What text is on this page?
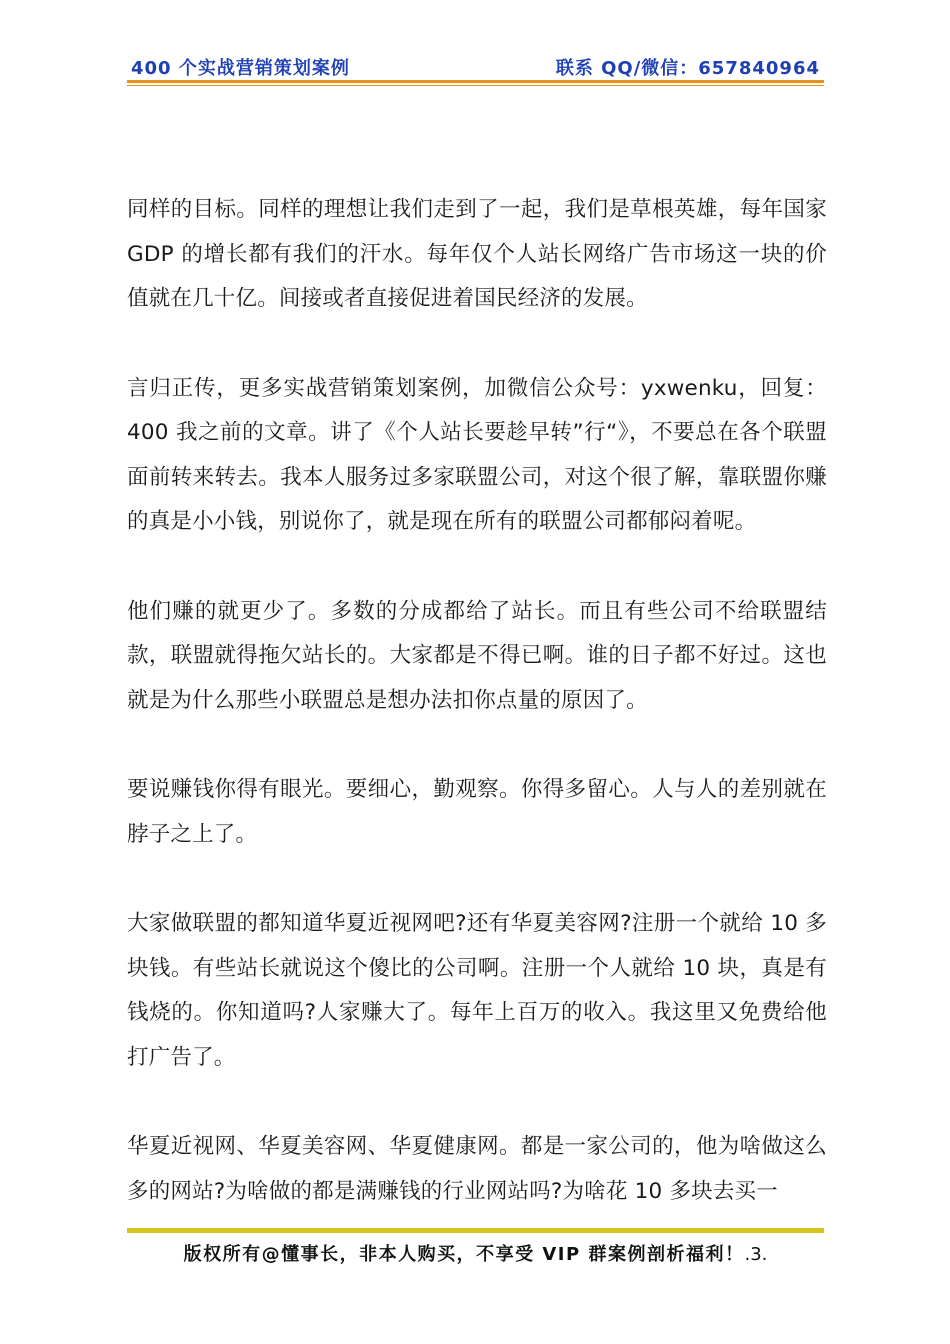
400 个实战营销策划案例	联系 QQ/微信：657840964

同样的目标。同样的理想让我们走到了一起，我们是草根英雄，每年国家 GDP 的增长都有我们的汗水。每年仅个人站长网络广告市场这一块的价值就在几十亿。间接或者直接促进着国民经济的发展。

言归正传，更多实战营销策划案例，加微信公众号：yxwenku，回复：400 我之前的文章。讲了《个人站长要趁早转”行“》，不要总在各个联盟面前转来转去。我本人服务过多家联盟公司，对这个很了解，靠联盟你赚的真是小小钱，别说你了，就是现在所有的联盟公司都郁闷着呢。

他们赚的就更少了。多数的分成都给了站长。而且有些公司不给联盟结款，联盟就得拖欠站长的。大家都是不得已啊。谁的日子都不好过。这也就是为什么那些小联盟总是想办法扣你点量的原因了。

要说赚钱你得有眼光。要细心，勤观察。你得多留心。人与人的差别就在脖子之上了。

大家做联盟的都知道华夏近视网吧?还有华夏美容网?注册一个就给 10 多块钱。有些站长就说这个傻比的公司啊。注册一个人就给 10 块，真是有钱烧的。你知道吗?人家赚大了。每年上百万的收入。我这里又免费给他打广告了。

华夏近视网、华夏美容网、华夏健康网。都是一家公司的，他为啥做这么多的网站?为啥做的都是满赚钱的行业网站吗?为啥花 10 多块去买一

版权所有@懂事长，非本人购买，不享受 VIP 群案例剖析福利！.3.
